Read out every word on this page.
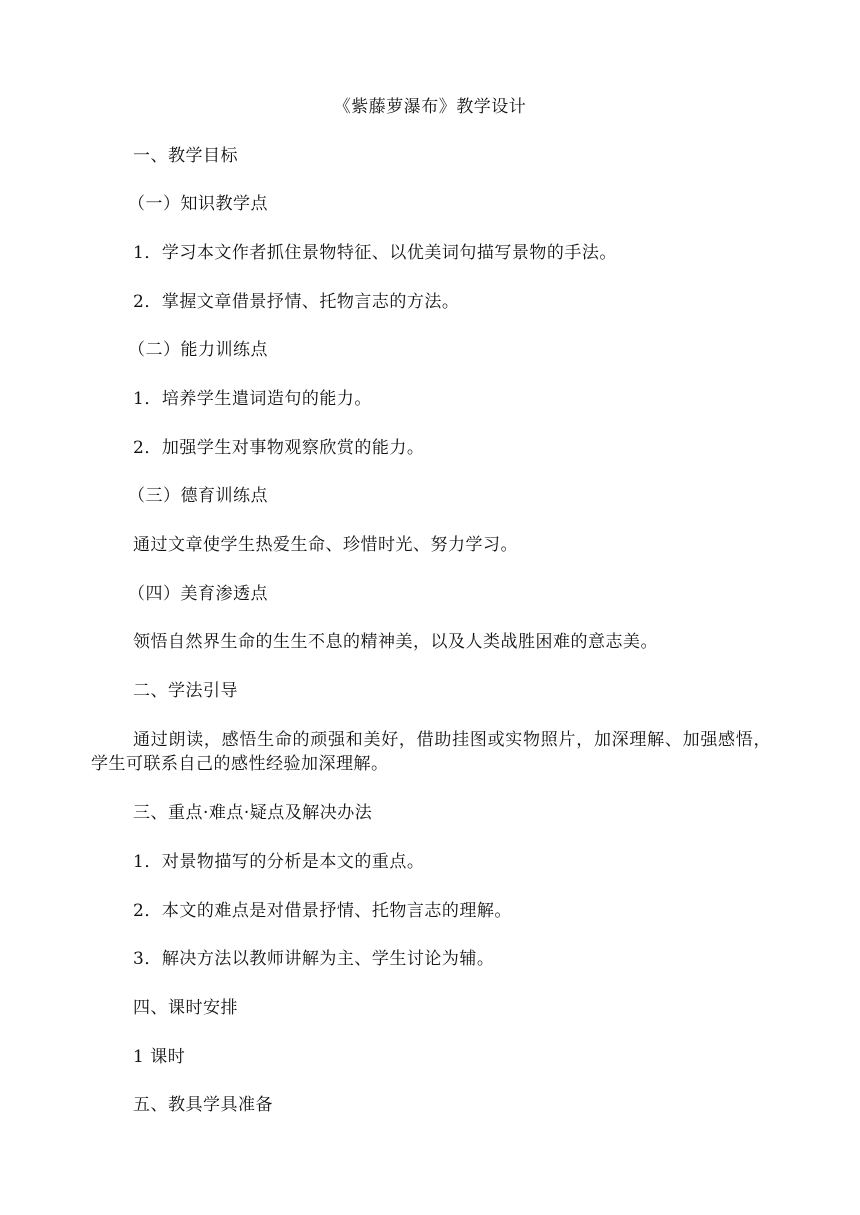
《紫藤萝瀑布》教学设计
一、教学目标
（一）知识教学点
1．学习本文作者抓住景物特征、以优美词句描写景物的手法。
2．掌握文章借景抒情、托物言志的方法。
（二）能力训练点
1．培养学生遣词造句的能力。
2．加强学生对事物观察欣赏的能力。
（三）德育训练点
通过文章使学生热爱生命、珍惜时光、努力学习。
（四）美育渗透点
领悟自然界生命的生生不息的精神美，以及人类战胜困难的意志美。
二、学法引导
通过朗读，感悟生命的顽强和美好，借助挂图或实物照片，加深理解、加强感悟，学生可联系自己的感性经验加深理解。
三、重点·难点·疑点及解决办法
1．对景物描写的分析是本文的重点。
2．本文的难点是对借景抒情、托物言志的理解。
3．解决方法以教师讲解为主、学生讨论为辅。
四、课时安排
1 课时
五、教具学具准备
